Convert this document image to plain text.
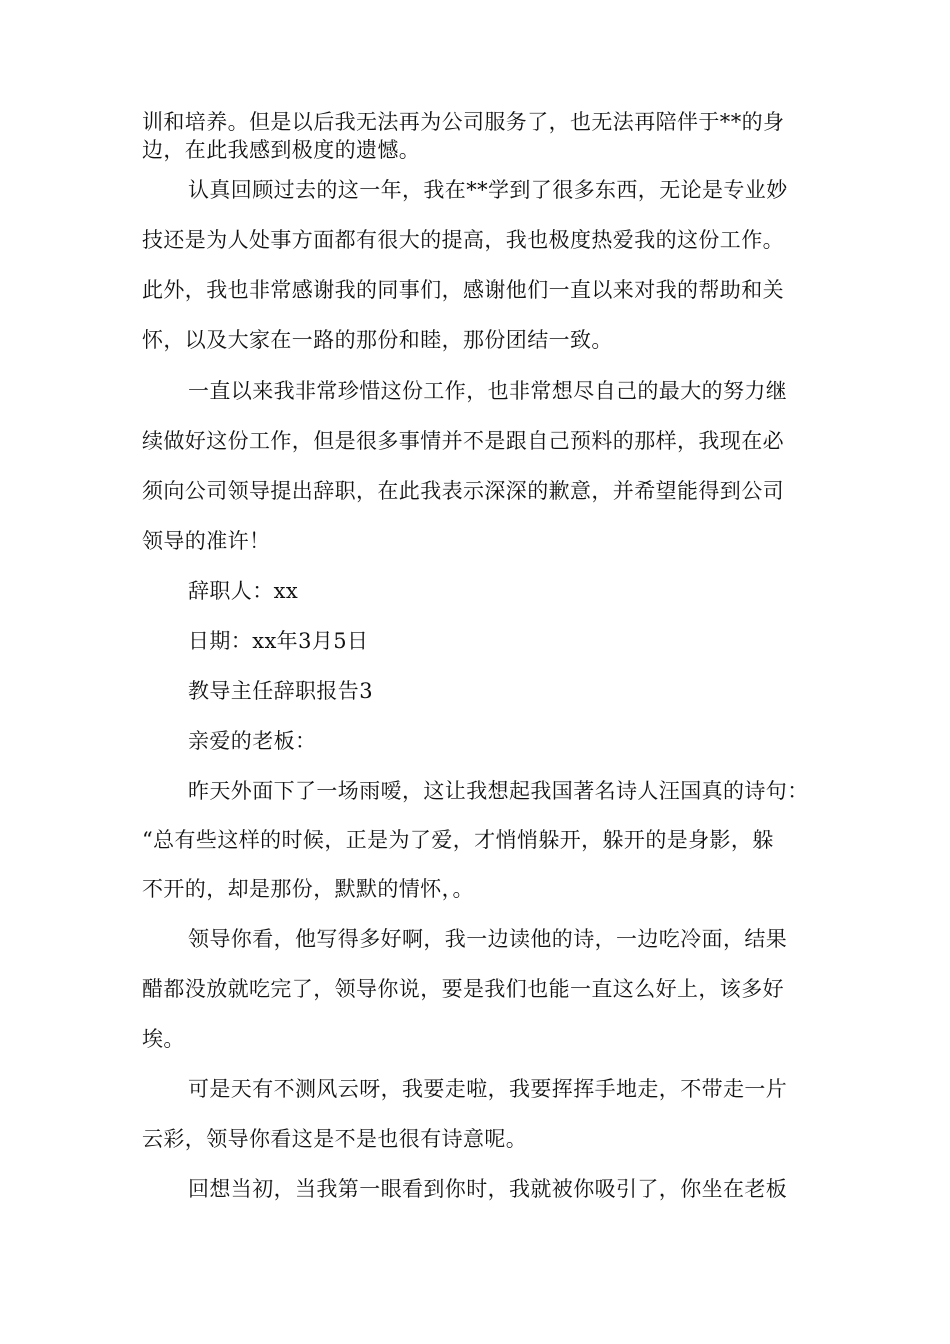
训和培养。但是以后我无法再为公司服务了，也无法再陪伴于**的身
边，在此我感到极度的遗憾。
认真回顾过去的这一年，我在**学到了很多东西，无论是专业妙
技还是为人处事方面都有很大的提高，我也极度热爱我的这份工作。
此外，我也非常感谢我的同事们，感谢他们一直以来对我的帮助和关
怀，以及大家在一路的那份和睦，那份团结一致。
一直以来我非常珍惜这份工作，也非常想尽自己的最大的努力继
续做好这份工作，但是很多事情并不是跟自己预料的那样，我现在必
须向公司领导提出辞职，在此我表示深深的歉意，并希望能得到公司
领导的准许！
辞职人：xx
日期：xx年3月5日
教导主任辞职报告3
亲爱的老板：
昨天外面下了一场雨嗳，这让我想起我国著名诗人汪国真的诗句：
“总有些这样的时候，正是为了爱，才悄悄躲开，躲开的是身影，躲
不开的，却是那份，默默的情怀，。
领导你看，他写得多好啊，我一边读他的诗，一边吃冷面，结果
醋都没放就吃完了，领导你说，要是我们也能一直这么好上，该多好
埃。
可是天有不测风云呀，我要走啦，我要挥挥手地走，不带走一片
云彩，领导你看这是不是也很有诗意呢。
回想当初，当我第一眼看到你时，我就被你吸引了，你坐在老板
